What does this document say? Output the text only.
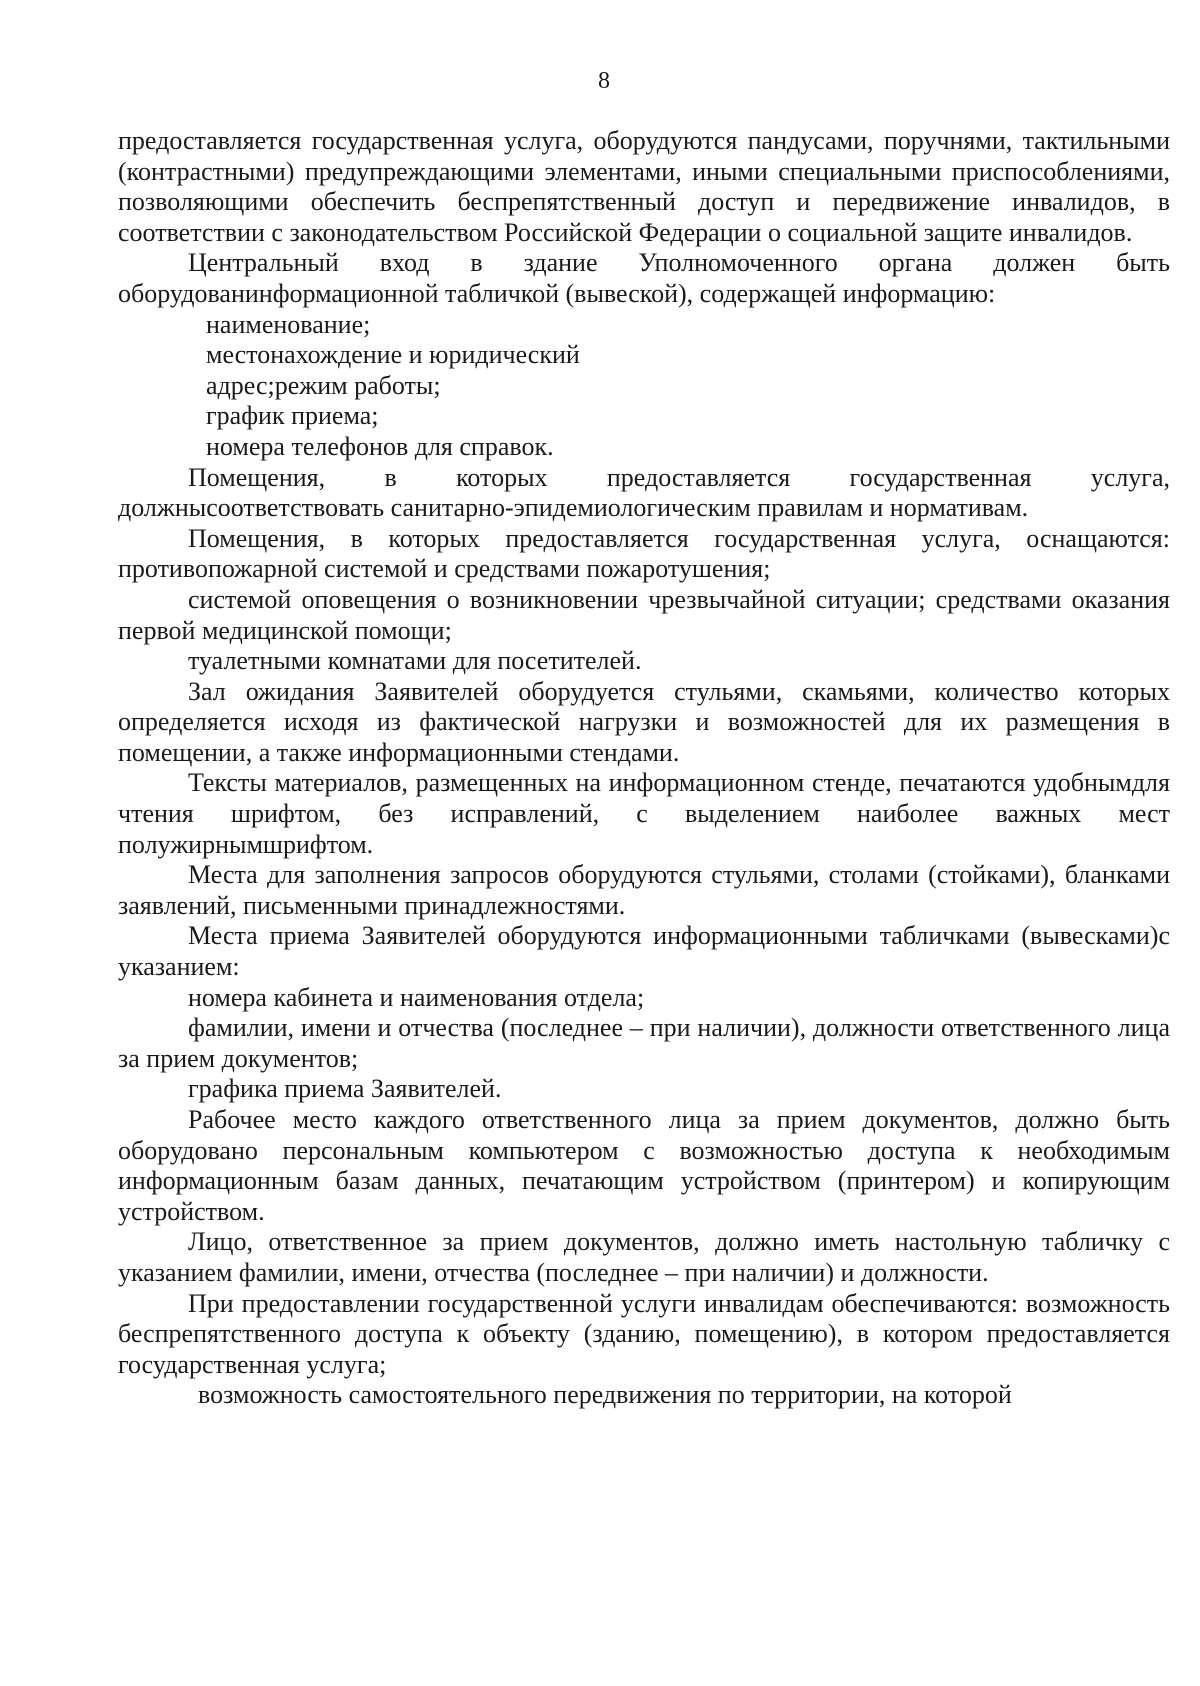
8

предоставляется государственная услуга, оборудуются пандусами, поручнями, тактильными (контрастными) предупреждающими элементами, иными специальными приспособлениями, позволяющими обеспечить беспрепятственный доступ и передвижение инвалидов, в соответствии с законодательством Российской Федерации о социальной защите инвалидов.

Центральный вход в здание Уполномоченного органа должен быть оборудованинформационной табличкой (вывеской), содержащей информацию:

наименование;

местонахождение и юридический

адрес;режим работы;

график приема;

номера телефонов для справок.

Помещения, в которых предоставляется государственная услуга, должнысоответствовать санитарно-эпидемиологическим правилам и нормативам.

Помещения, в которых предоставляется государственная услуга, оснащаются: противопожарной системой и средствами пожаротушения;

системой оповещения о возникновении чрезвычайной ситуации; средствами оказания первой медицинской помощи;

туалетными комнатами для посетителей.

Зал ожидания Заявителей оборудуется стульями, скамьями, количество которых определяется исходя из фактической нагрузки и возможностей для их размещения в помещении, а также информационными стендами.

Тексты материалов, размещенных на информационном стенде, печатаются удобнымдля чтения шрифтом, без исправлений, с выделением наиболее важных мест полужирнымшрифтом.

Места для заполнения запросов оборудуются стульями, столами (стойками), бланками заявлений, письменными принадлежностями.

Места приема Заявителей оборудуются информационными табличками (вывесками)с указанием:

номера кабинета и наименования отдела;

фамилии, имени и отчества (последнее – при наличии), должности ответственного лица за прием документов;

графика приема Заявителей.

Рабочее место каждого ответственного лица за прием документов, должно быть оборудовано персональным компьютером с возможностью доступа к необходимым информационным базам данных, печатающим устройством (принтером) и копирующим устройством.

Лицо, ответственное за прием документов, должно иметь настольную табличку с указанием фамилии, имени, отчества (последнее – при наличии) и должности.

При предоставлении государственной услуги инвалидам обеспечиваются: возможность беспрепятственного доступа к объекту (зданию, помещению), в котором предоставляется государственная услуга;

возможность самостоятельного передвижения по территории, на которой
